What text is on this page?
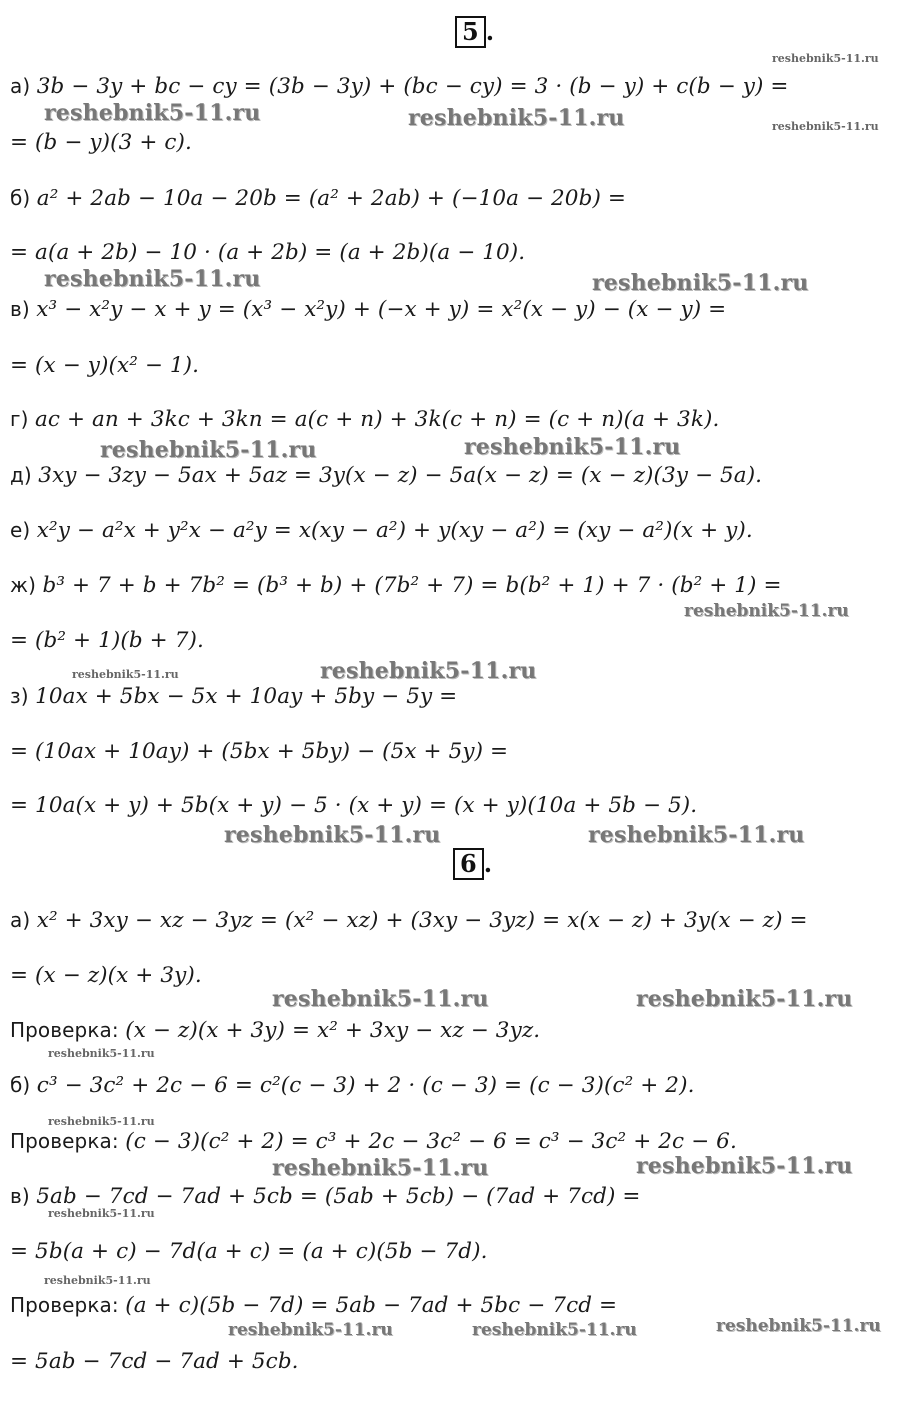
5 .
а) 3b − 3y + bc − cy = (3b − 3y) + (bc − cy) = 3 · (b − y) + c(b − y) =
= (b − y)(3 + c).
б) a² + 2ab − 10a − 20b = (a² + 2ab) + (−10a − 20b) =
= a(a + 2b) − 10 · (a + 2b) = (a + 2b)(a − 10).
в) x³ − x²y − x + y = (x³ − x²y) + (−x + y) = x²(x − y) − (x − y) =
= (x − y)(x² − 1).
г) ac + an + 3kc + 3kn = a(c + n) + 3k(c + n) = (c + n)(a + 3k).
д) 3xy − 3zy − 5ax + 5az = 3y(x − z) − 5a(x − z) = (x − z)(3y − 5a).
е) x²y − a²x + y²x − a²y = x(xy − a²) + y(xy − a²) = (xy − a²)(x + y).
ж) b³ + 7 + b + 7b² = (b³ + b) + (7b² + 7) = b(b² + 1) + 7 · (b² + 1) =
= (b² + 1)(b + 7).
з) 10ax + 5bx − 5x + 10ay + 5by − 5y =
= (10ax + 10ay) + (5bx + 5by) − (5x + 5y) =
= 10a(x + y) + 5b(x + y) − 5 · (x + y) = (x + y)(10a + 5b − 5).
6 .
а) x² + 3xy − xz − 3yz = (x² − xz) + (3xy − 3yz) = x(x − z) + 3y(x − z) =
= (x − z)(x + 3y).
Проверка: (x − z)(x + 3y) = x² + 3xy − xz − 3yz.
б) c³ − 3c² + 2c − 6 = c²(c − 3) + 2 · (c − 3) = (c − 3)(c² + 2).
Проверка: (c − 3)(c² + 2) = c³ + 2c − 3c² − 6 = c³ − 3c² + 2c − 6.
в) 5ab − 7cd − 7ad + 5cb = (5ab + 5cb) − (7ad + 7cd) =
= 5b(a + c) − 7d(a + c) = (a + c)(5b − 7d).
Проверка: (a + c)(5b − 7d) = 5ab − 7ad + 5bc − 7cd =
= 5ab − 7cd − 7ad + 5cb.
reshebnik5-11.ru
reshebnik5-11.ru	reshebnik5-11.ru	reshebnik5-11.ru
reshebnik5-11.ru	reshebnik5-11.ru
reshebnik5-11.ru	reshebnik5-11.ru
reshebnik5-11.ru
reshebnik5-11.ru	reshebnik5-11.ru
reshebnik5-11.ru	reshebnik5-11.ru
reshebnik5-11.ru	reshebnik5-11.ru
reshebnik5-11.ru
reshebnik5-11.ru
reshebnik5-11.ru	reshebnik5-11.ru
reshebnik5-11.ru
reshebnik5-11.ru
reshebnik5-11.ru	reshebnik5-11.ru	reshebnik5-11.ru
